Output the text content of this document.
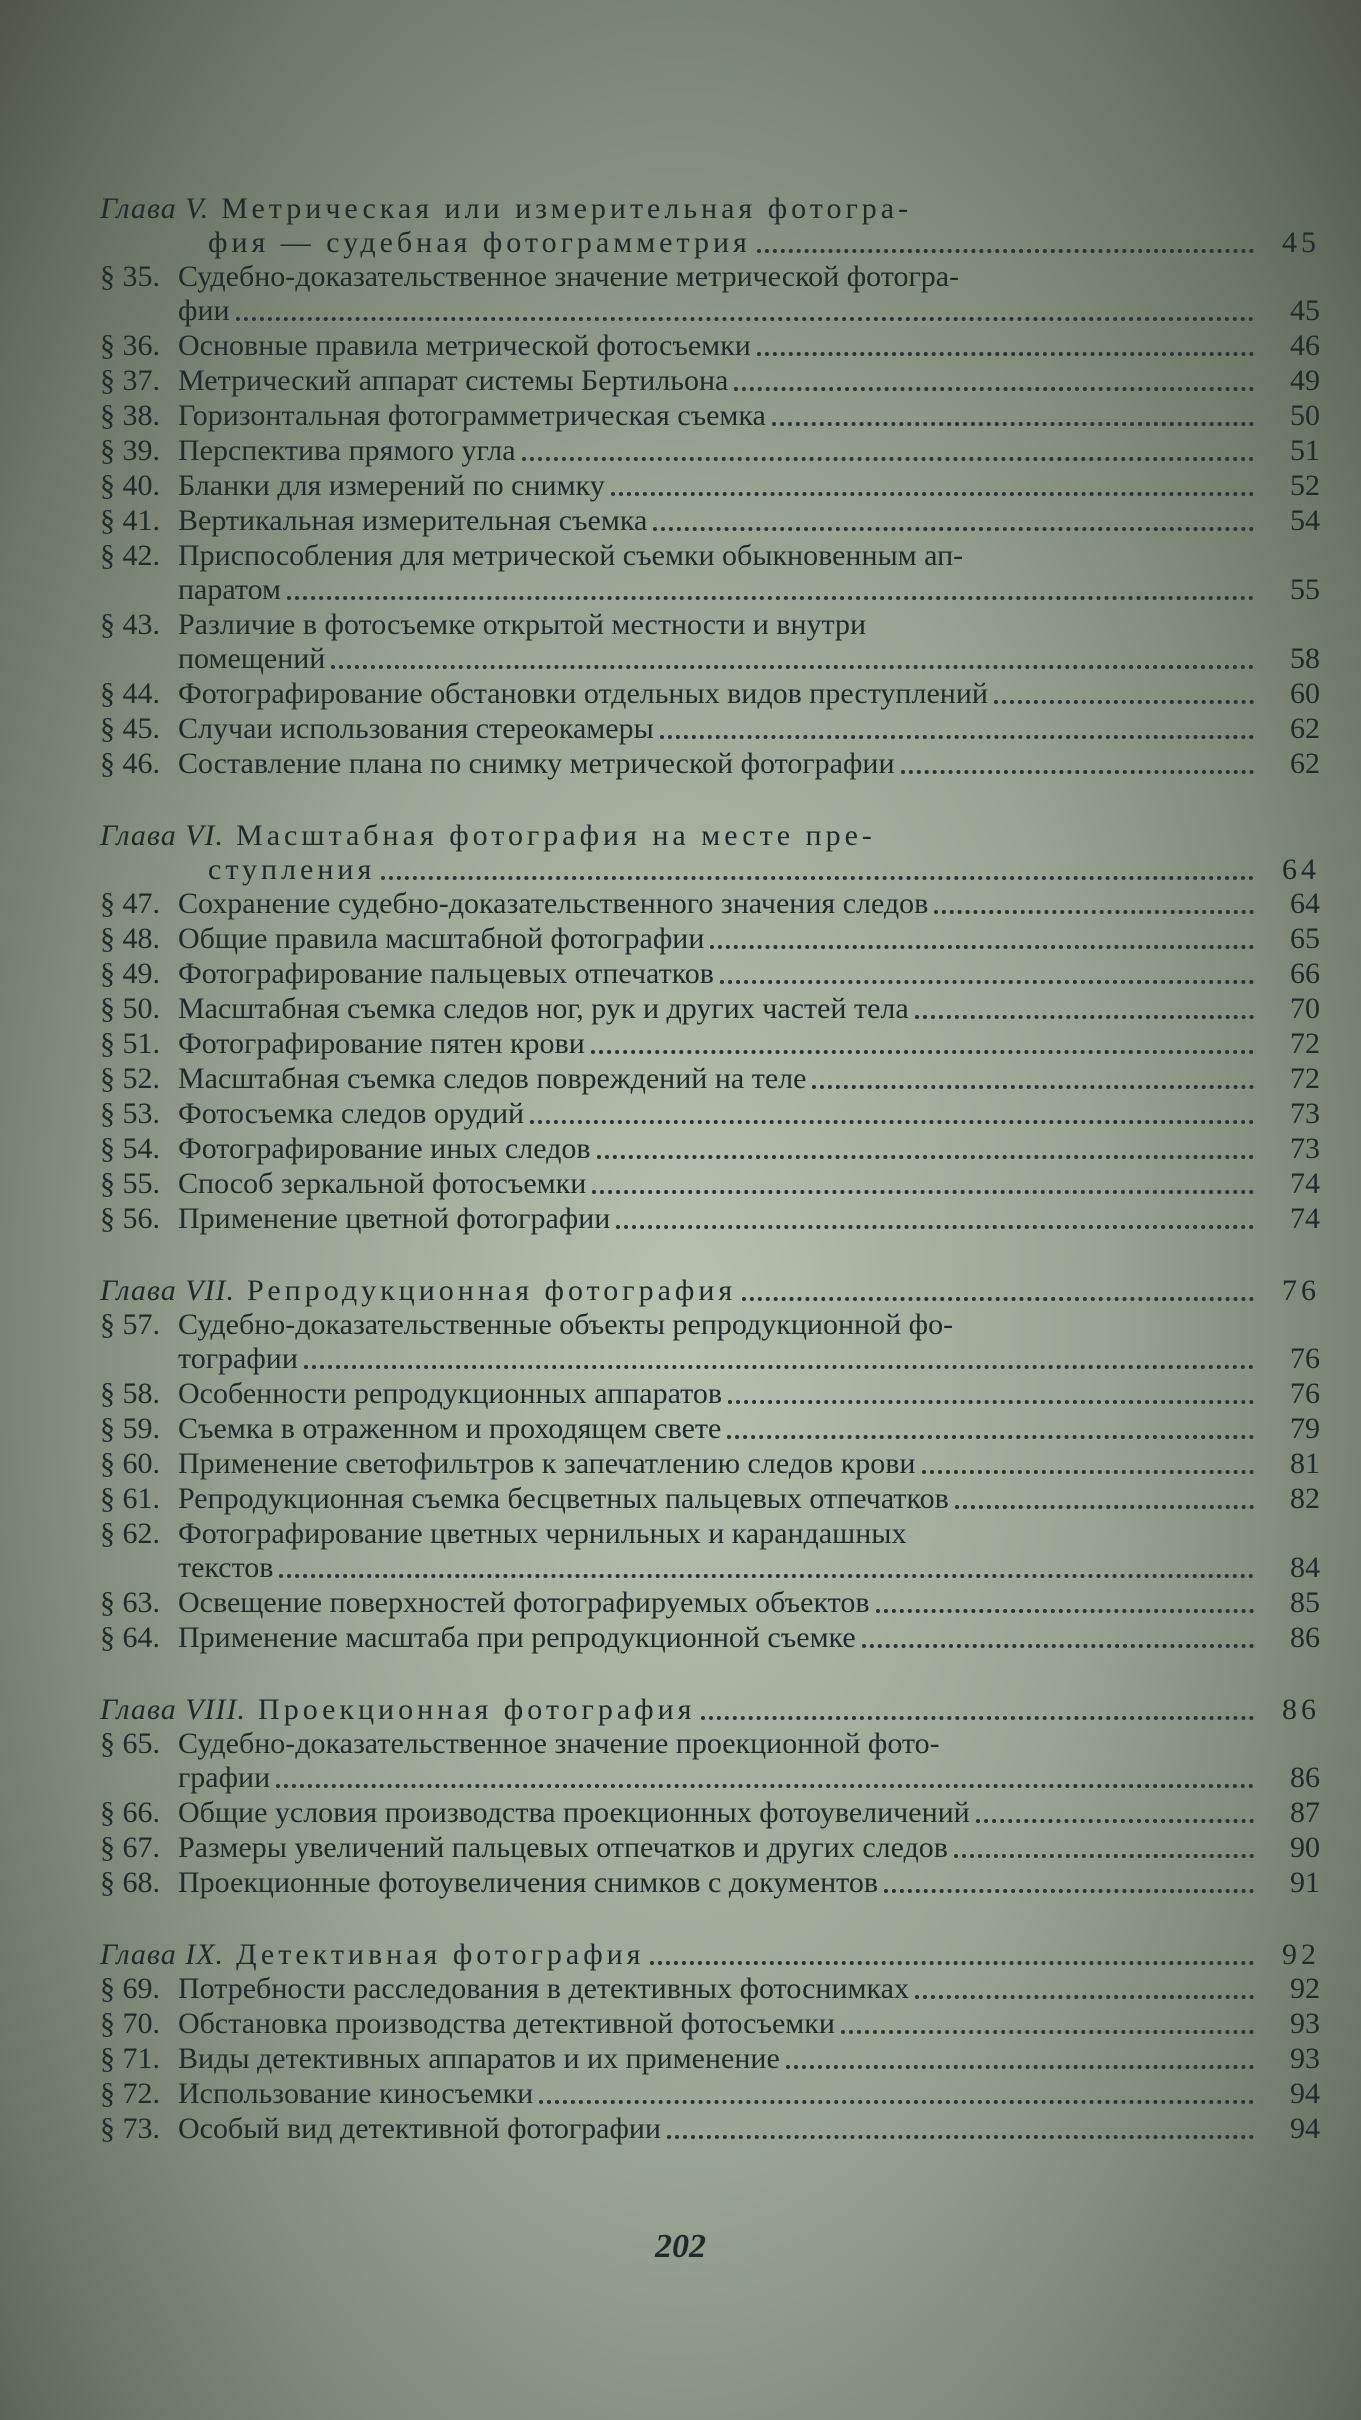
Глава V. Метрическая или измерительная фотогра-
фия — судебная фотограмметрия	45
§ 35. Судебно-доказательственное значение метрической фотогра-
фии	45
§ 36. Основные правила метрической фотосъемки	46
§ 37. Метрический аппарат системы Бертильона	49
§ 38. Горизонтальная фотограмметрическая съемка	50
§ 39. Перспектива прямого угла	51
§ 40. Бланки для измерений по снимку	52
§ 41. Вертикальная измерительная съемка	54
§ 42. Приспособления для метрической съемки обыкновенным ап-
паратом	55
§ 43. Различие в фотосъемке открытой местности и внутри
помещений	58
§ 44. Фотографирование обстановки отдельных видов преступлений	60
§ 45. Случаи использования стереокамеры	62
§ 46. Составление плана по снимку метрической фотографии	62
Глава VI. Масштабная фотография на месте пре-
ступления	64
§ 47. Сохранение судебно-доказательственного значения следов	64
§ 48. Общие правила масштабной фотографии	65
§ 49. Фотографирование пальцевых отпечатков	66
§ 50. Масштабная съемка следов ног, рук и других частей тела	70
§ 51. Фотографирование пятен крови	72
§ 52. Масштабная съемка следов повреждений на теле	72
§ 53. Фотосъемка следов орудий	73
§ 54. Фотографирование иных следов	73
§ 55. Способ зеркальной фотосъемки	74
§ 56. Применение цветной фотографии	74
Глава VII. Репродукционная фотография	76
§ 57. Судебно-доказательственные объекты репродукционной фо-
тографии	76
§ 58. Особенности репродукционных аппаратов	76
§ 59. Съемка в отраженном и проходящем свете	79
§ 60. Применение светофильтров к запечатлению следов крови	81
§ 61. Репродукционная съемка бесцветных пальцевых отпечатков	82
§ 62. Фотографирование цветных чернильных и карандашных
текстов	84
§ 63. Освещение поверхностей фотографируемых объектов	85
§ 64. Применение масштаба при репродукционной съемке	86
Глава VIII. Проекционная фотография	86
§ 65. Судебно-доказательственное значение проекционной фото-
графии	86
§ 66. Общие условия производства проекционных фотоувеличений	87
§ 67. Размеры увеличений пальцевых отпечатков и других следов	90
§ 68. Проекционные фотоувеличения снимков с документов	91
Глава IX. Детективная фотография	92
§ 69. Потребности расследования в детективных фотоснимках	92
§ 70. Обстановка производства детективной фотосъемки	93
§ 71. Виды детективных аппаратов и их применение	93
§ 72. Использование киносъемки	94
§ 73. Особый вид детективной фотографии	94
202
